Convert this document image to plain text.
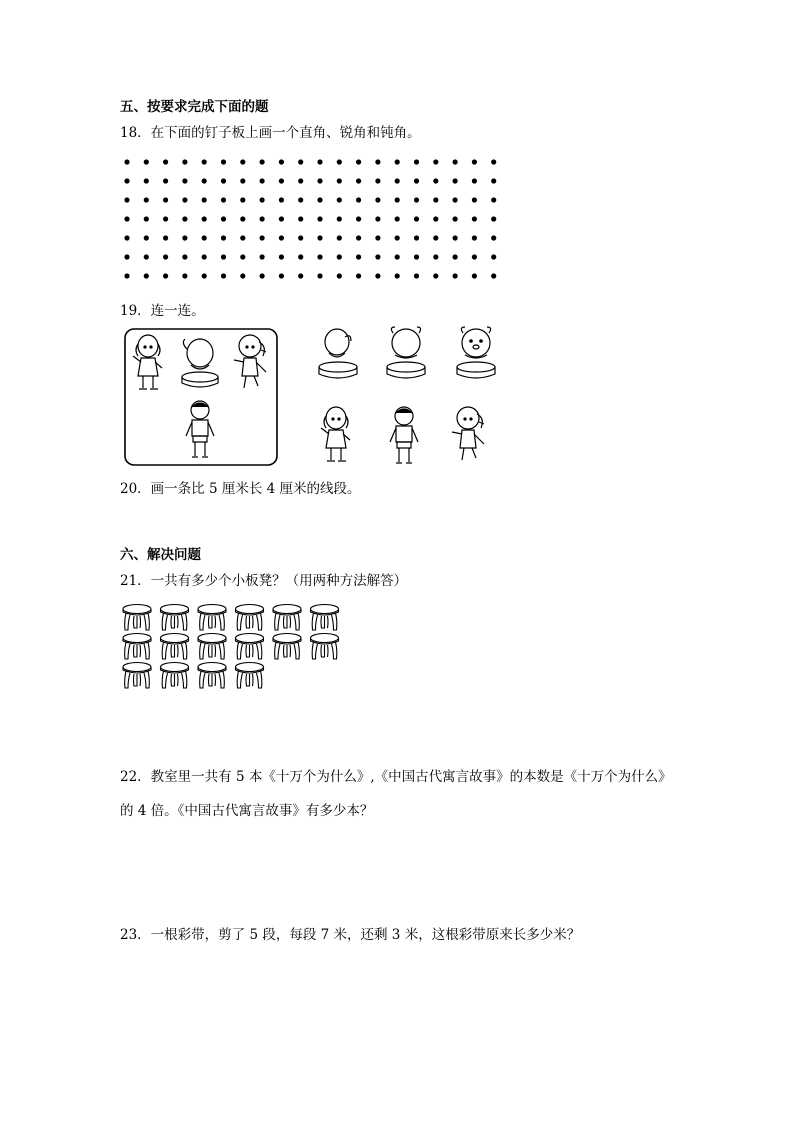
五、按要求完成下面的题
18．在下面的钉子板上画一个直角、锐角和钝角。
19．连一连。
20．画一条比 5 厘米长 4 厘米的线段。
六、解决问题
21．一共有多少个小板凳？（用两种方法解答）
22．教室里一共有 5 本《十万个为什么》,《中国古代寓言故事》的本数是《十万个为什么》
的 4 倍。《中国古代寓言故事》有多少本？
23．一根彩带，剪了 5 段，每段 7 米，还剩 3 米，这根彩带原来长多少米？
